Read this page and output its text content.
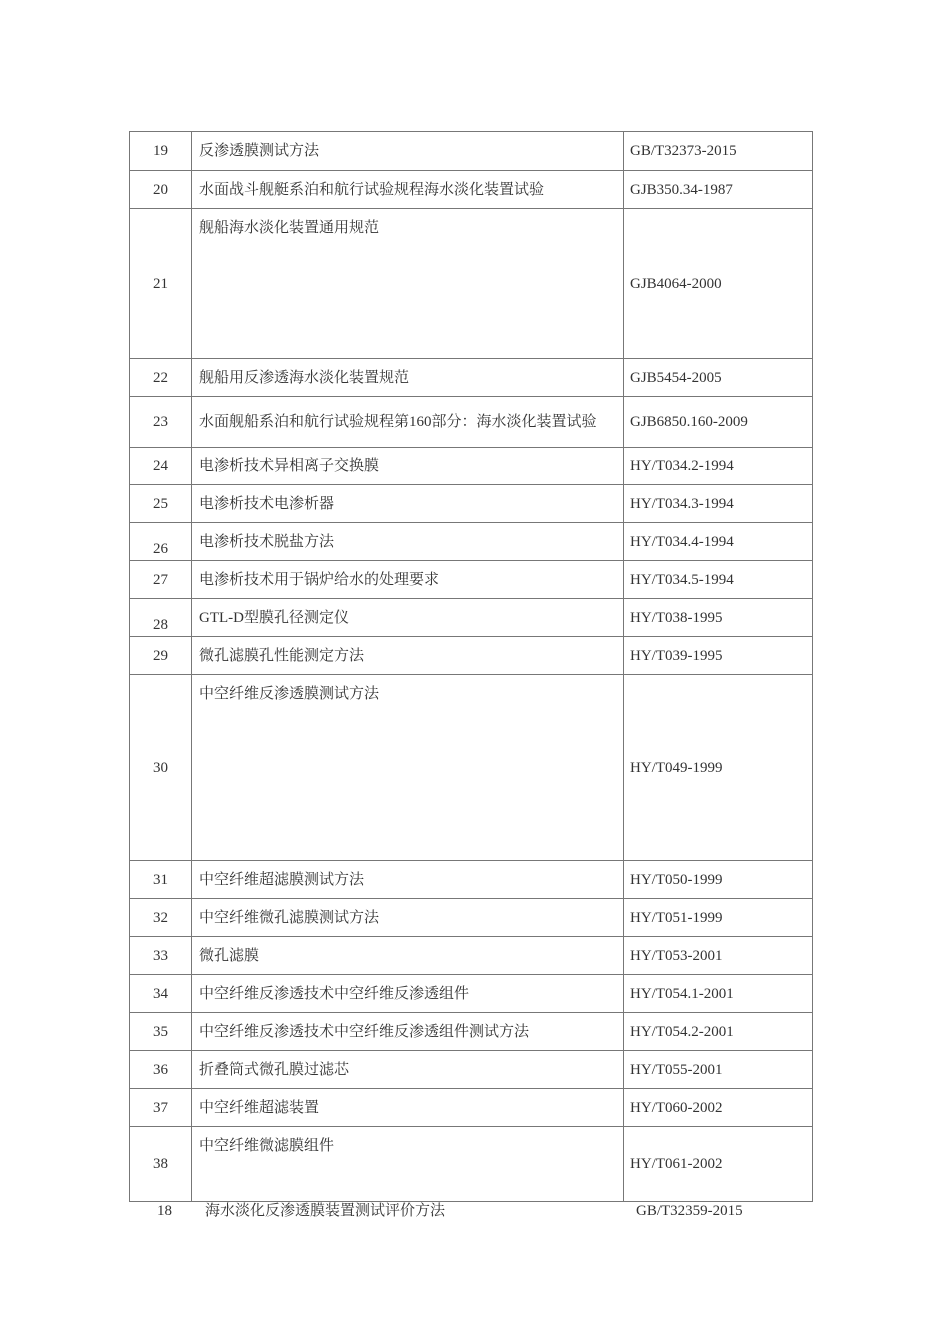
19	反渗透膜测试方法	GB/T32373-2015
20	水面战斗舰艇系泊和航行试验规程海水淡化装置试验	GJB350.34-1987
21	舰船海水淡化装置通用规范	GJB4064-2000
22	舰船用反渗透海水淡化装置规范	GJB5454-2005
23	水面舰船系泊和航行试验规程第160部分：海水淡化装置试验	GJB6850.160-2009
24	电渗析技术异相离子交换膜	HY/T034.2-1994
25	电渗析技术电渗析器	HY/T034.3-1994
26	电渗析技术脱盐方法	HY/T034.4-1994
27	电渗析技术用于锅炉给水的处理要求	HY/T034.5-1994
28	GTL-D型膜孔径测定仪	HY/T038-1995
29	微孔滤膜孔性能测定方法	HY/T039-1995
30	中空纤维反渗透膜测试方法	HY/T049-1999
31	中空纤维超滤膜测试方法	HY/T050-1999
32	中空纤维微孔滤膜测试方法	HY/T051-1999
33	微孔滤膜	HY/T053-2001
34	中空纤维反渗透技术中空纤维反渗透组件	HY/T054.1-2001
35	中空纤维反渗透技术中空纤维反渗透组件测试方法	HY/T054.2-2001
36	折叠筒式微孔膜过滤芯	HY/T055-2001
37	中空纤维超滤装置	HY/T060-2002
38	中空纤维微滤膜组件	HY/T061-2002
18 海水淡化反渗透膜装置测试评价方法	GB/T32359-2015
